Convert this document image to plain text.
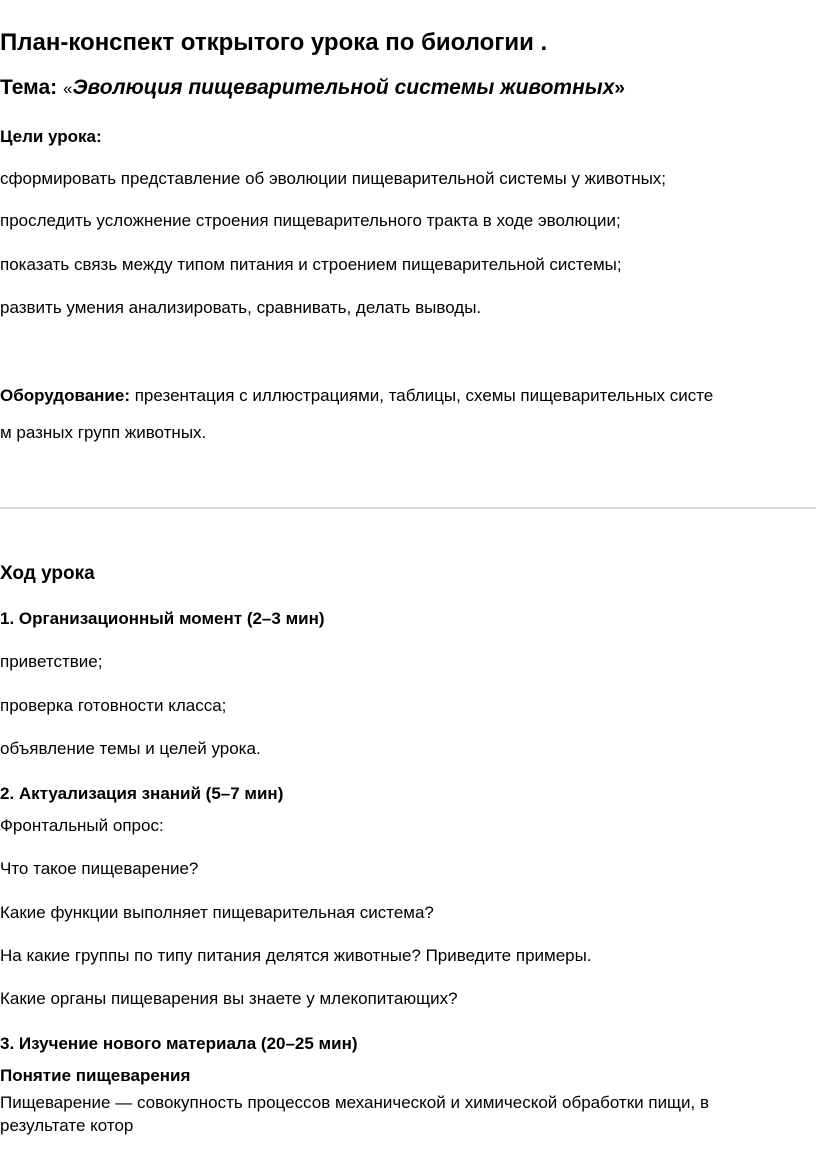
План-конспект открытого урока по биологии .
Тема: «Эволюция пищеварительной системы животных»
Цели урока:
сформировать представление об эволюции пищеварительной системы у животных;
проследить усложнение строения пищеварительного тракта в ходе эволюции;
показать связь между типом питания и строением пищеварительной системы;
развить умения анализировать, сравнивать, делать выводы.
Оборудование: презентация с иллюстрациями, таблицы, схемы пищеварительных систе
м разных групп животных.
Ход урока
1. Организационный момент (2–3 мин)
приветствие;
проверка готовности класса;
объявление темы и целей урока.
2. Актуализация знаний (5–7 мин)
Фронтальный опрос:
Что такое пищеварение?
Какие функции выполняет пищеварительная система?
На какие группы по типу питания делятся животные? Приведите примеры.
Какие органы пищеварения вы знаете у млекопитающих?
3. Изучение нового материала (20–25 мин)
Понятие пищеварения
Пищеварение — совокупность процессов механической и химической обработки пищи, в
результате котор
